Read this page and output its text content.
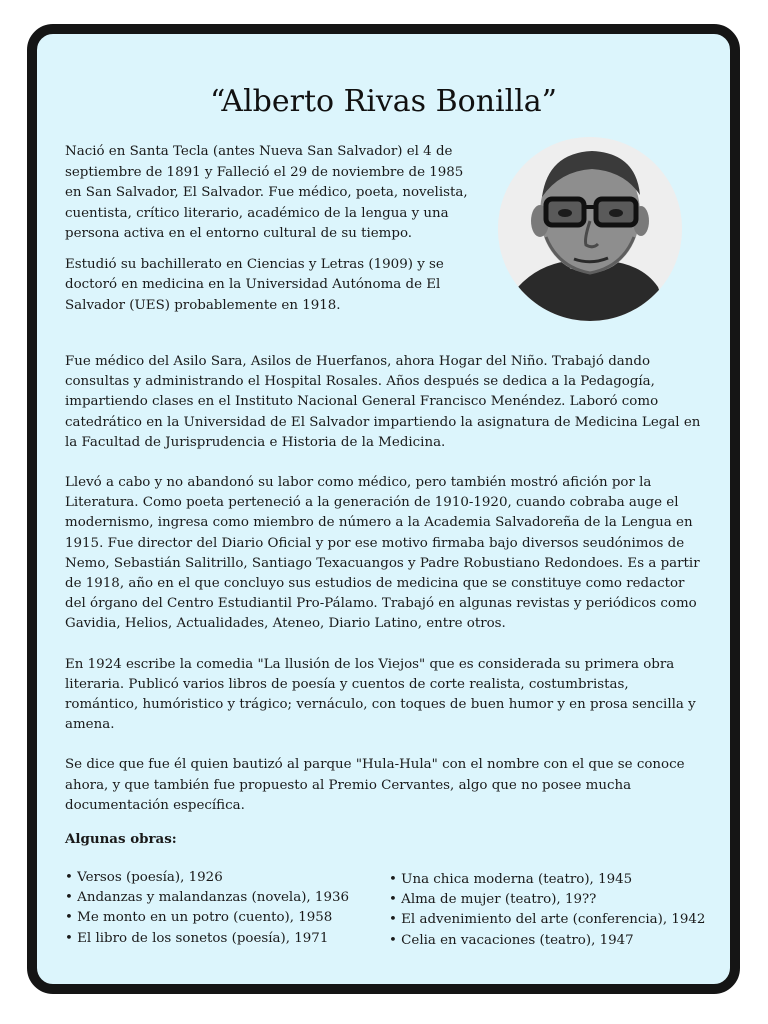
“Alberto Rivas Bonilla”

Nació en Santa Tecla (antes Nueva San Salvador) el 4 de septiembre de 1891 y Falleció el 29 de noviembre de 1985 en San Salvador, El Salvador. Fue médico, poeta, novelista, cuentista, crítico literario, académico de la lengua y una persona activa en el entorno cultural de su tiempo.

Estudió su bachillerato en Ciencias y Letras (1909) y se doctoró en medicina en la Universidad Autónoma de El Salvador (UES) probablemente en 1918.

Fue médico del Asilo Sara, Asilos de Huerfanos, ahora Hogar del Niño. Trabajó dando consultas y administrando el Hospital Rosales. Años después se dedica a la Pedagogía, impartiendo clases en el Instituto Nacional General Francisco Menéndez. Laboró como catedrático en la Universidad de El Salvador impartiendo la asignatura de Medicina Legal en la Facultad de Jurisprudencia e Historia de la Medicina.

Llevó a cabo y no abandonó su labor como médico, pero también mostró afición por la Literatura. Como poeta perteneció a la generación de 1910-1920, cuando cobraba auge el modernismo, ingresa como miembro de número a la Academia Salvadoreña de la Lengua en 1915. Fue director del Diario Oficial y por ese motivo firmaba bajo diversos seudónimos de Nemo, Sebastián Salitrillo, Santiago Texacuangos y Padre Robustiano Redondoes. Es a partir de 1918, año en el que concluyo sus estudios de medicina que se constituye como redactor del órgano del Centro Estudiantil Pro-Pálamo. Trabajó en algunas revistas y periódicos como Gavidia, Helios, Actualidades, Ateneo, Diario Latino, entre otros.

En 1924 escribe la comedia "La llusión de los Viejos" que es considerada su primera obra literaria. Publicó varios libros de poesía y cuentos de corte realista, costumbristas, romántico, humóristico y trágico; vernáculo, con toques de buen humor y en prosa sencilla y amena.

Se dice que fue él quien bautizó al parque "Hula-Hula" con el nombre con el que se conoce ahora, y que también fue propuesto al Premio Cervantes, algo que no posee mucha documentación específica.

Algunas obras:
• Versos (poesía), 1926
• Andanzas y malandanzas (novela), 1936
• Me monto en un potro (cuento), 1958
• El libro de los sonetos (poesía), 1971
• Una chica moderna (teatro), 1945
• Alma de mujer (teatro), 19??
• El advenimiento del arte (conferencia), 1942
• Celia en vacaciones (teatro), 1947
